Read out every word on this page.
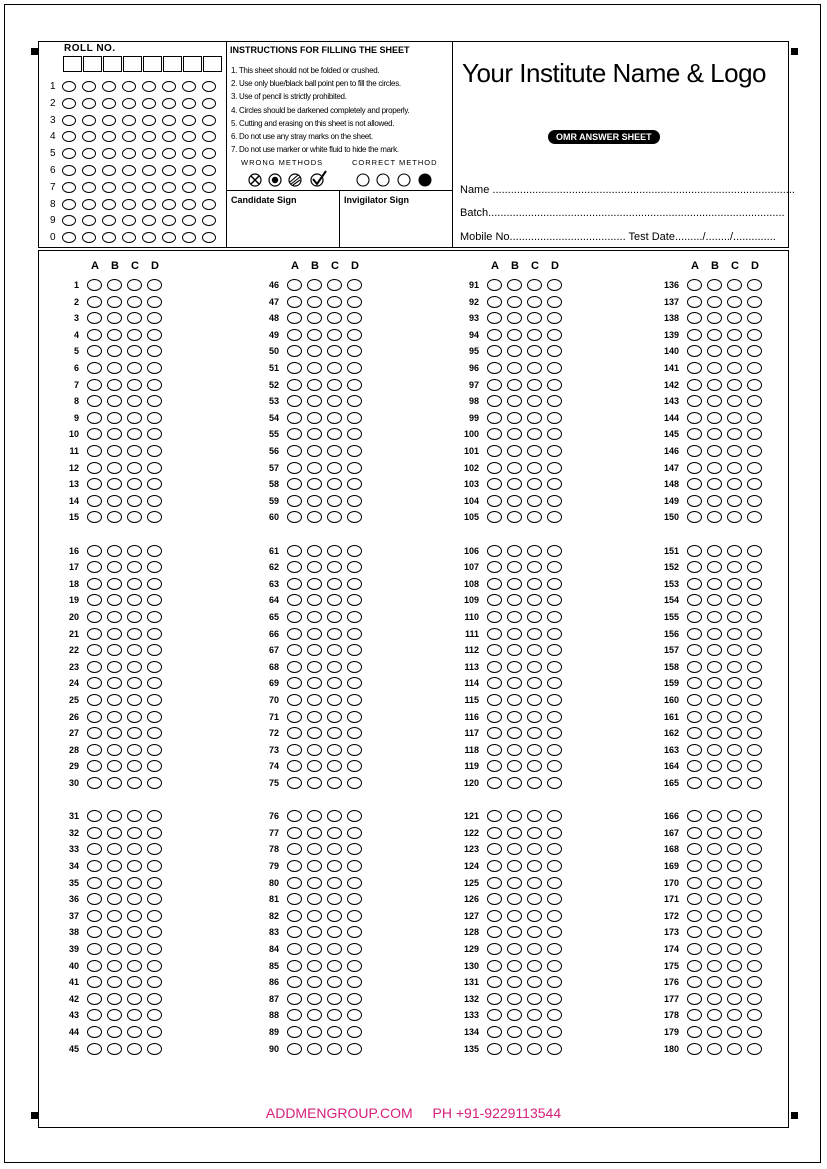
ROLL NO.
1
2
3
4
5
6
7
8
9
0
INSTRUCTIONS FOR FILLING THE SHEET
1. This sheet should not be folded or crushed.
2. Use only blue/black ball point pen to fill the circles.
3. Use of pencil is strictly prohibited.
4. Circles should be darkened completely and properly.
5. Cutting and erasing on this sheet is not allowed.
6. Do not use any stray marks on the sheet.
7. Do not use marker or white fluid to hide the mark.
WRONG METHODS	CORRECT METHOD
Candidate Sign	Invigilator Sign
Your Institute Name & Logo
OMR ANSWER SHEET
Name ...................................................................................................
Batch.................................................................................................
Mobile No...................................... Test Date........./......../..............
A	B	C	D
1
2
3
4
5
6
7
8
9
10
11
12
13
14
15
16
17
18
19
20
21
22
23
24
25
26
27
28
29
30
31
32
33
34
35
36
37
38
39
40
41
42
43
44
45
A	B	C	D
46
47
48
49
50
51
52
53
54
55
56
57
58
59
60
61
62
63
64
65
66
67
68
69
70
71
72
73
74
75
76
77
78
79
80
81
82
83
84
85
86
87
88
89
90
A	B	C	D
91
92
93
94
95
96
97
98
99
100
101
102
103
104
105
106
107
108
109
110
111
112
113
114
115
116
117
118
119
120
121
122
123
124
125
126
127
128
129
130
131
132
133
134
135
A	B	C	D
136
137
138
139
140
141
142
143
144
145
146
147
148
149
150
151
152
153
154
155
156
157
158
159
160
161
162
163
164
165
166
167
168
169
170
171
172
173
174
175
176
177
178
179
180
ADDMENGROUP.COM PH +91-9229113544
